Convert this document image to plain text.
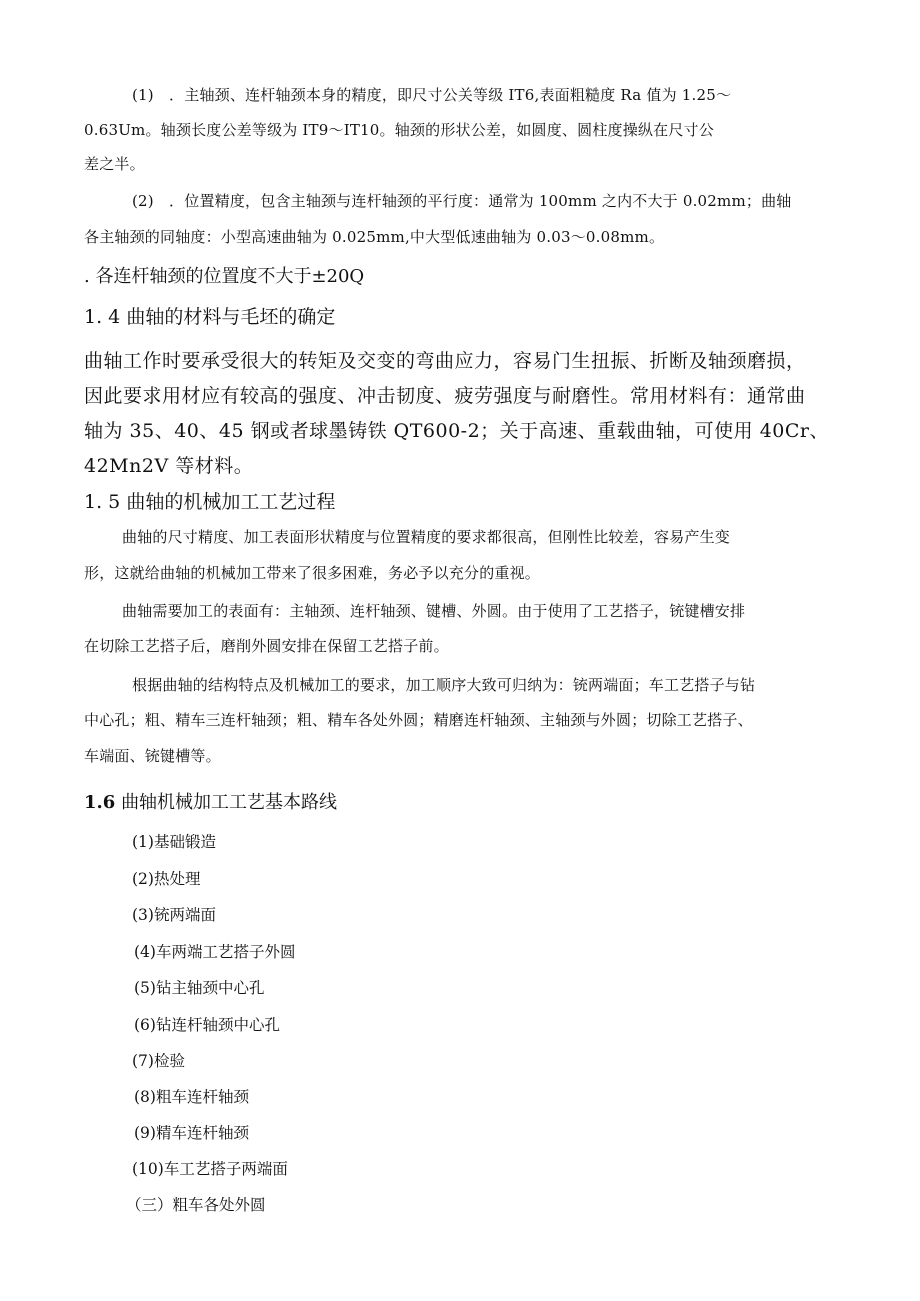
(1)　．主轴颈、连杆轴颈本身的精度，即尺寸公关等级 IT6,表面粗糙度 Ra 值为 1.25～
0.63Um。轴颈长度公差等级为 IT9～IT10。轴颈的形状公差，如圆度、圆柱度操纵在尺寸公
差之半。
(2)　．位置精度，包含主轴颈与连杆轴颈的平行度：通常为 100mm 之内不大于 0.02mm；曲轴
各主轴颈的同轴度：小型高速曲轴为 0.025mm,中大型低速曲轴为 0.03～0.08mm。
. 各连杆轴颈的位置度不大于±20Q
1. 4 曲轴的材料与毛坯的确定
曲轴工作时要承受很大的转矩及交变的弯曲应力，容易门生扭振、折断及轴颈磨损，
因此要求用材应有较高的强度、冲击韧度、疲劳强度与耐磨性。常用材料有：通常曲
轴为 35、40、45 钢或者球墨铸铁 QT600-2；关于高速、重载曲轴，可使用 40Cr、
42Mn2V 等材料。
1. 5 曲轴的机械加工工艺过程
曲轴的尺寸精度、加工表面形状精度与位置精度的要求都很高，但刚性比较差，容易产生变
形，这就给曲轴的机械加工带来了很多困难，务必予以充分的重视。
曲轴需要加工的表面有：主轴颈、连杆轴颈、键槽、外圆。由于使用了工艺搭子，铳键槽安排
在切除工艺搭子后，磨削外圆安排在保留工艺搭子前。
根据曲轴的结构特点及机械加工的要求，加工顺序大致可归纳为：铳两端面；车工艺搭子与钻
中心孔；粗、精车三连杆轴颈；粗、精车各处外圆；精磨连杆轴颈、主轴颈与外圆；切除工艺搭子、
车端面、铳键槽等。
1.6 曲轴机械加工工艺基本路线
(1)基础锻造
(2)热处理
(3)铳两端面
(4)车两端工艺搭子外圆
(5)钻主轴颈中心孔
(6)钻连杆轴颈中心孔
(7)检验
(8)粗车连杆轴颈
(9)精车连杆轴颈
(10)车工艺搭子两端面
（三）粗车各处外圆
